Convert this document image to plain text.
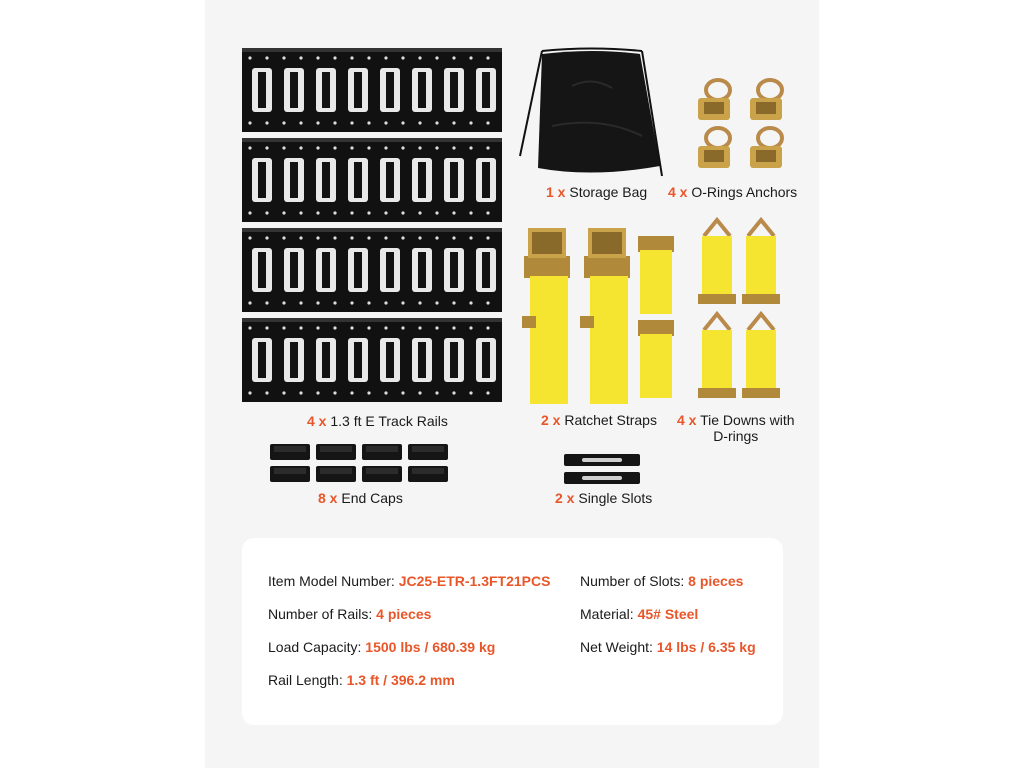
4 x 1.3 ft E Track Rails
1 x Storage Bag 4 x O-Rings Anchors
2 x Ratchet Straps 4 x Tie Downs with
D-rings
8 x End Caps	2 x Single Slots
Item Model Number: JC25-ETR-1.3FT21PCS Number of Slots: 8 pieces
Number of Rails: 4 pieces	Material: 45# Steel
Load Capacity: 1500 lbs / 680.39 kg	Net Weight: 14 lbs / 6.35 kg
Rail Length: 1.3 ft / 396.2 mm
